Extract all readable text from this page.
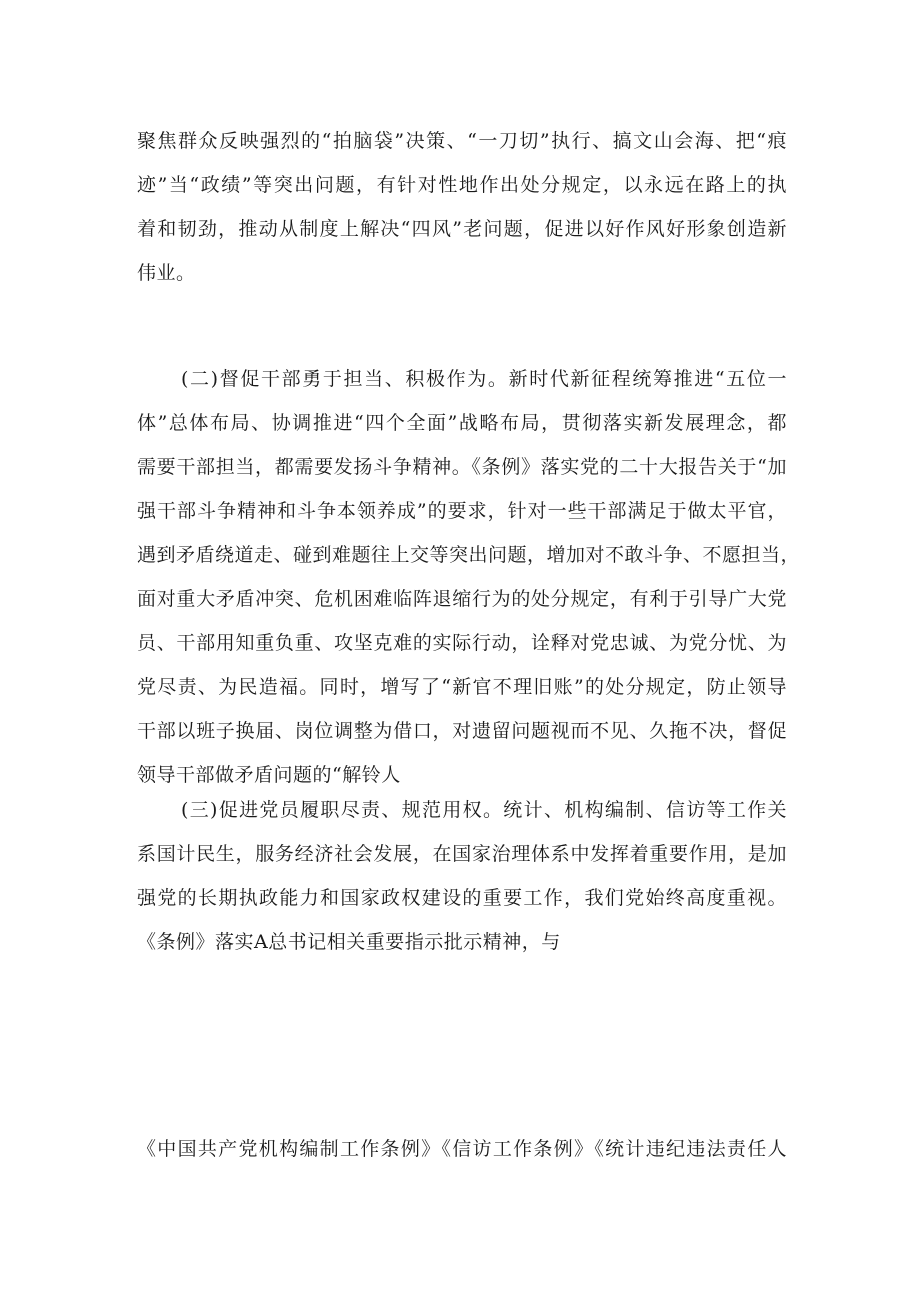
聚焦群众反映强烈的“拍脑袋”决策、“一刀切”执行、搞文山会海、把“痕
迹”当“政绩”等突出问题，有针对性地作出处分规定，以永远在路上的执
着和韧劲，推动从制度上解决“四风”老问题，促进以好作风好形象创造新
伟业。
(二)督促干部勇于担当、积极作为。新时代新征程统筹推进“五位一
体”总体布局、协调推进“四个全面”战略布局，贯彻落实新发展理念，都
需要干部担当，都需要发扬斗争精神。《条例》落实党的二十大报告关于“加
强干部斗争精神和斗争本领养成”的要求，针对一些干部满足于做太平官，
遇到矛盾绕道走、碰到难题往上交等突出问题，增加对不敢斗争、不愿担当，
面对重大矛盾冲突、危机困难临阵退缩行为的处分规定，有利于引导广大党
员、干部用知重负重、攻坚克难的实际行动，诠释对党忠诚、为党分忧、为
党尽责、为民造福。同时，增写了“新官不理旧账”的处分规定，防止领导
干部以班子换届、岗位调整为借口，对遗留问题视而不见、久拖不决，督促
领导干部做矛盾问题的“解铃人
(三)促进党员履职尽责、规范用权。统计、机构编制、信访等工作关
系国计民生，服务经济社会发展，在国家治理体系中发挥着重要作用，是加
强党的长期执政能力和国家政权建设的重要工作，我们党始终高度重视。
《条例》落实A总书记相关重要指示批示精神，与
《中国共产党机构编制工作条例》《信访工作条例》《统计违纪违法责任人
